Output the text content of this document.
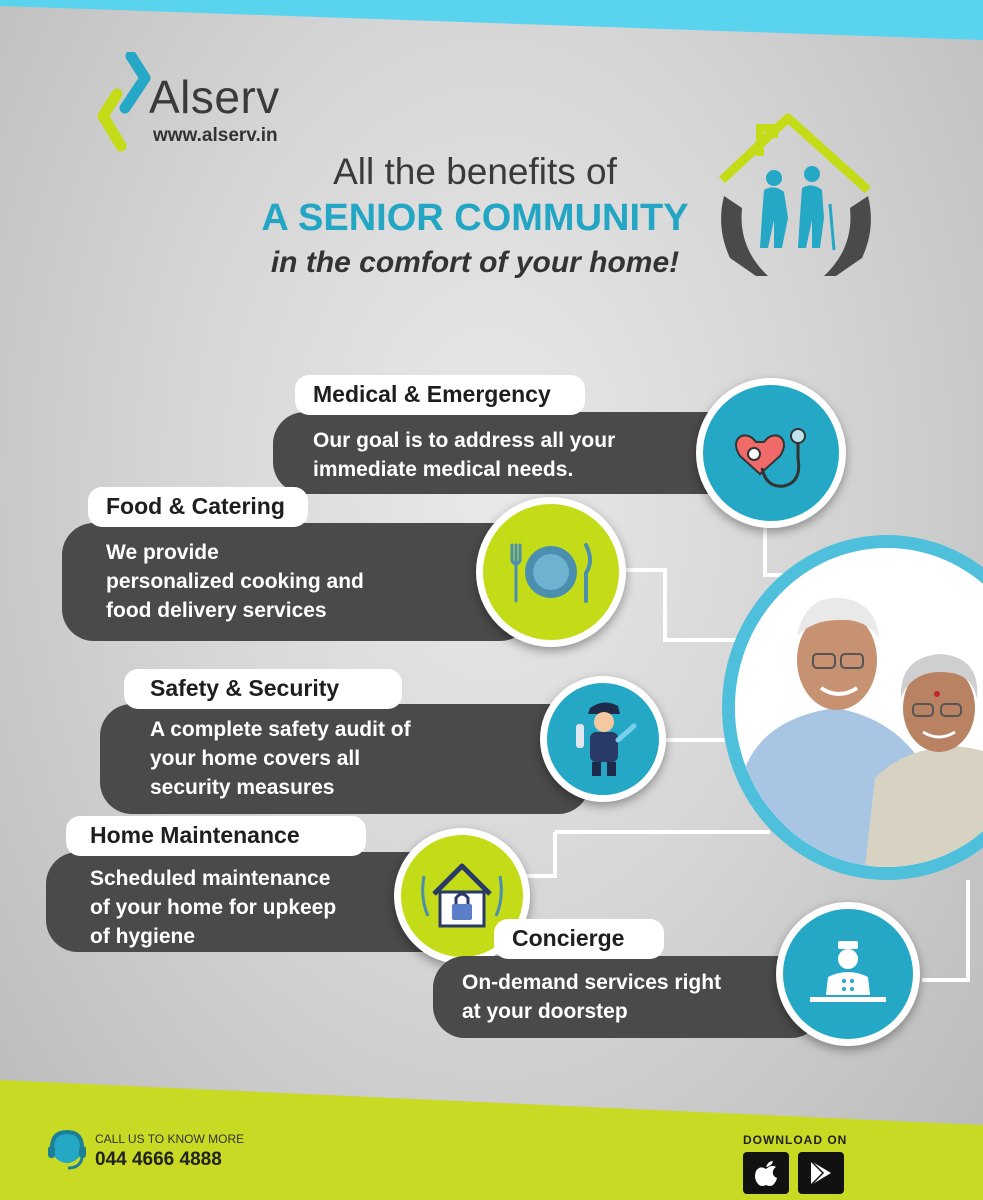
Alserv
www.alserv.in
All the benefits of
A SENIOR COMMUNITY
in the comfort of your home!
Our goal is to address all your
immediate medical needs.
Medical & Emergency
We provide
personalized cooking and
food delivery services
Food & Catering
A complete safety audit of
your home covers all
security measures
Safety & Security
Scheduled maintenance
of your home for upkeep
of hygiene
Home Maintenance
On-demand services right
at your doorstep
Concierge
CALL US TO KNOW MORE
044 4666 4888
DOWNLOAD ON
